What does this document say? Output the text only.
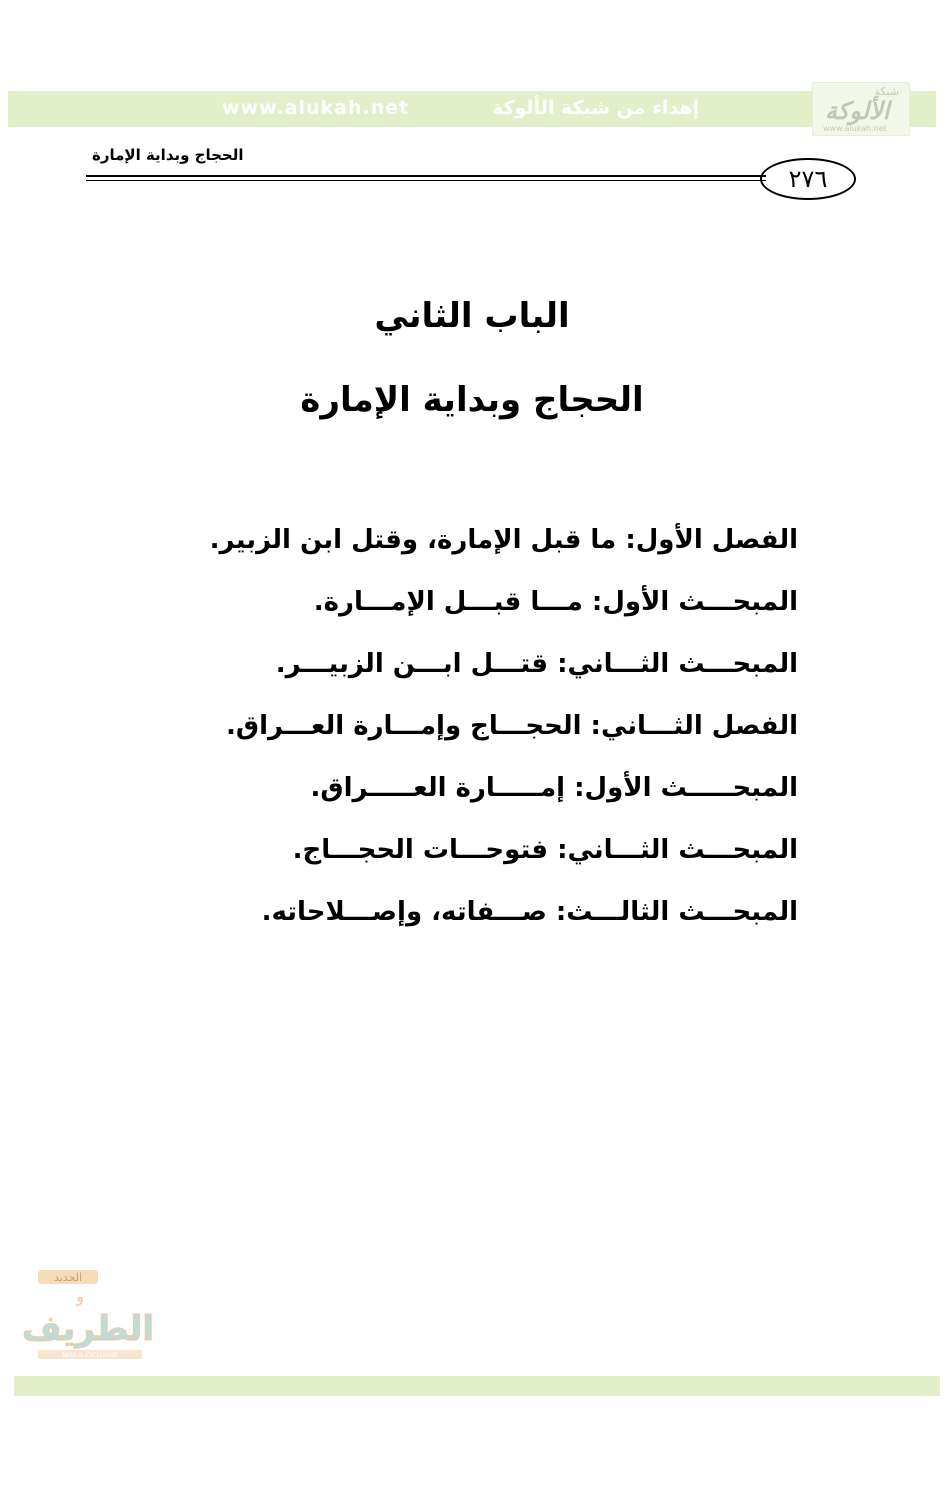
www.alukah.net	إهداء من شبكة الألوكة
شبكة
الألوكة
www.alukah.net
الحجاج وبداية الإمارة
٢٧٦
الباب الثاني
الحجاج وبداية الإمارة
الفصل الأول: ما قبل الإمارة، وقتل ابن الزبير.
المبحـــث الأول: مـــا قبـــل الإمـــارة.
المبحـــث الثـــاني: قتـــل ابـــن الزبيـــر.
الفصل الثـــاني: الحجـــاج وإمـــارة العـــراق.
المبحـــــث الأول: إمـــــارة العـــــراق.
المبحـــث الثـــاني: فتوحـــات الحجـــاج.
المبحـــث الثالـــث: صـــفاته، وإصـــلاحاته.
الجديد
و
الطريف
NEW & EXCLUSIVE
